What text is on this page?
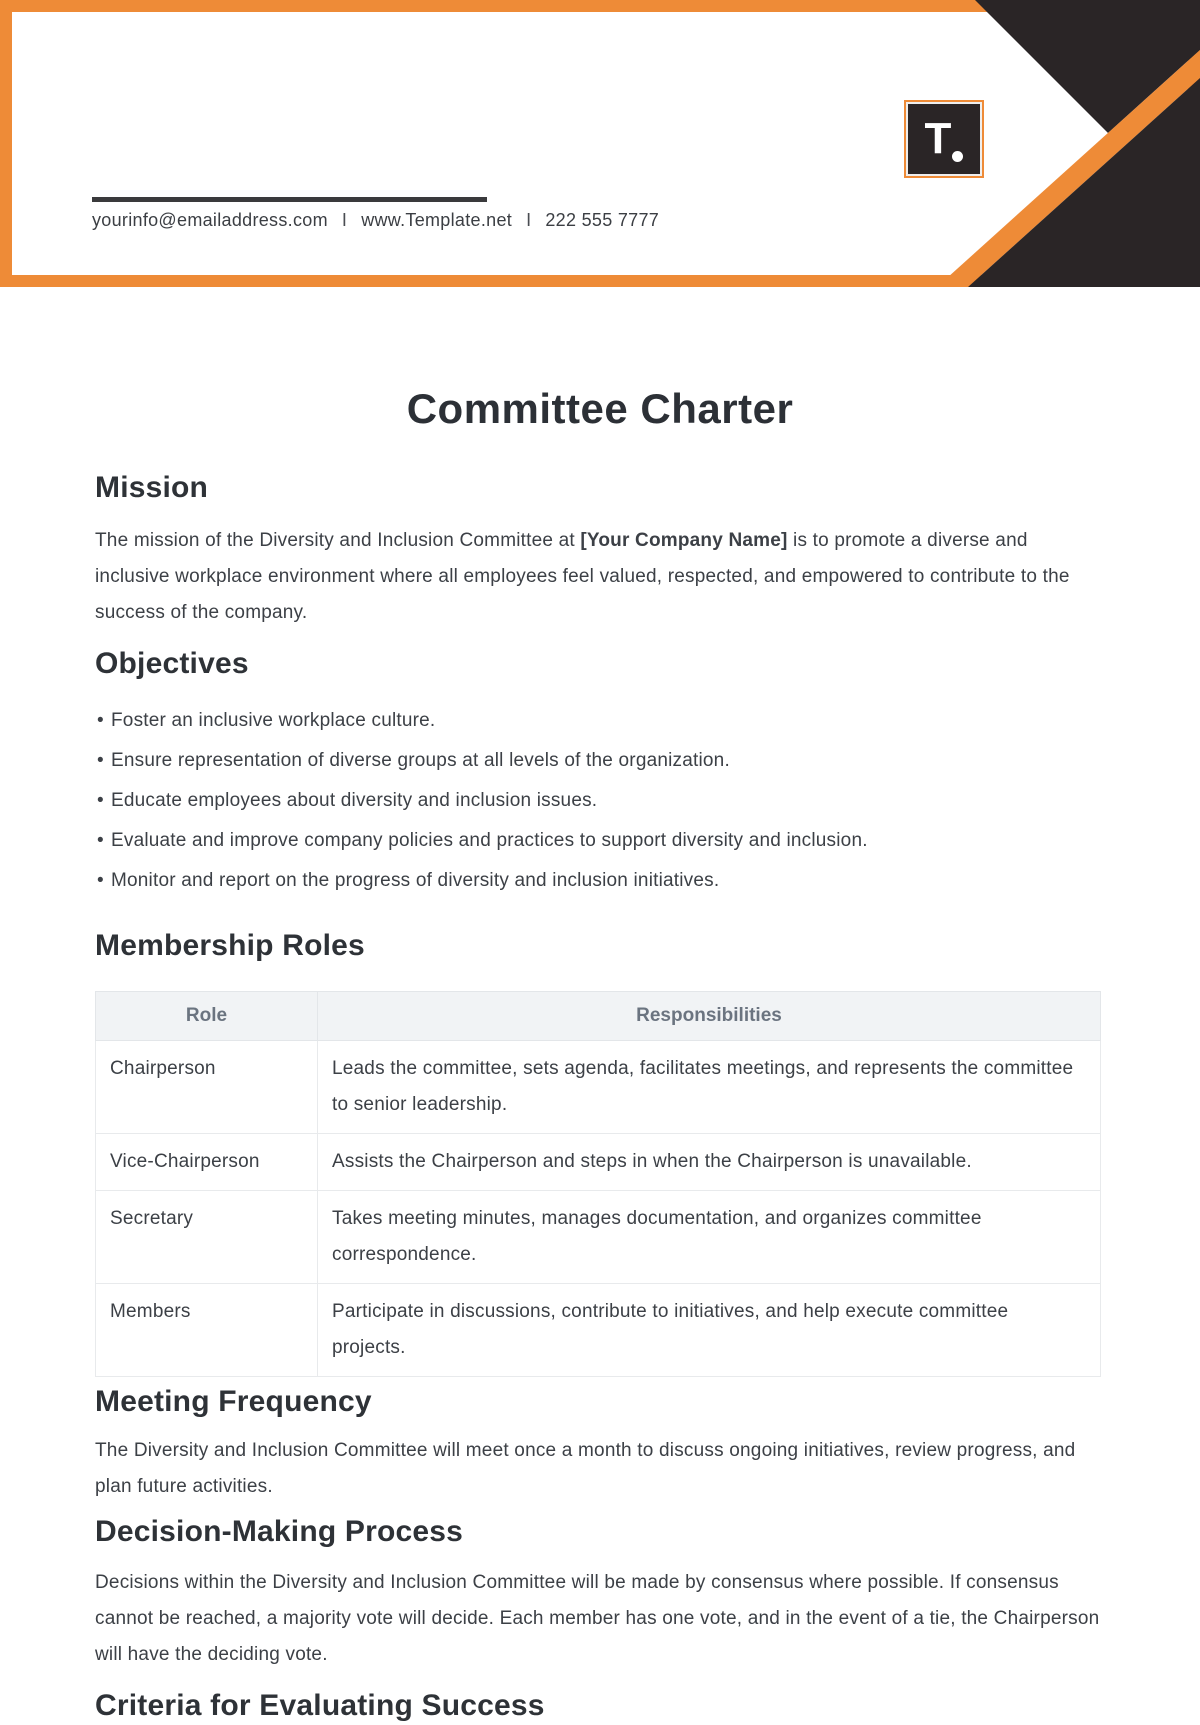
T
yourinfo@emailaddress.com I www.Template.net I 222 555 7777
Committee Charter
Mission

The mission of the Diversity and Inclusion Committee at [Your Company Name] is to promote a diverse and inclusive workplace environment where all employees feel valued, respected, and empowered to contribute to the success of the company.

Objectives
• Foster an inclusive workplace culture.
• Ensure representation of diverse groups at all levels of the organization.
• Educate employees about diversity and inclusion issues.
• Evaluate and improve company policies and practices to support diversity and inclusion.
• Monitor and report on the progress of diversity and inclusion initiatives.
Membership Roles
Role	Responsibilities
Chairperson	Leads the committee, sets agenda, facilitates meetings, and represents the committee to senior leadership.
Vice-Chairperson	Assists the Chairperson and steps in when the Chairperson is unavailable.
Secretary	Takes meeting minutes, manages documentation, and organizes committee correspondence.
Members	Participate in discussions, contribute to initiatives, and help execute committee projects.
Meeting Frequency

The Diversity and Inclusion Committee will meet once a month to discuss ongoing initiatives, review progress, and plan future activities.

Decision-Making Process

Decisions within the Diversity and Inclusion Committee will be made by consensus where possible. If consensus cannot be reached, a majority vote will decide. Each member has one vote, and in the event of a tie, the Chairperson will have the deciding vote.

Criteria for Evaluating Success
